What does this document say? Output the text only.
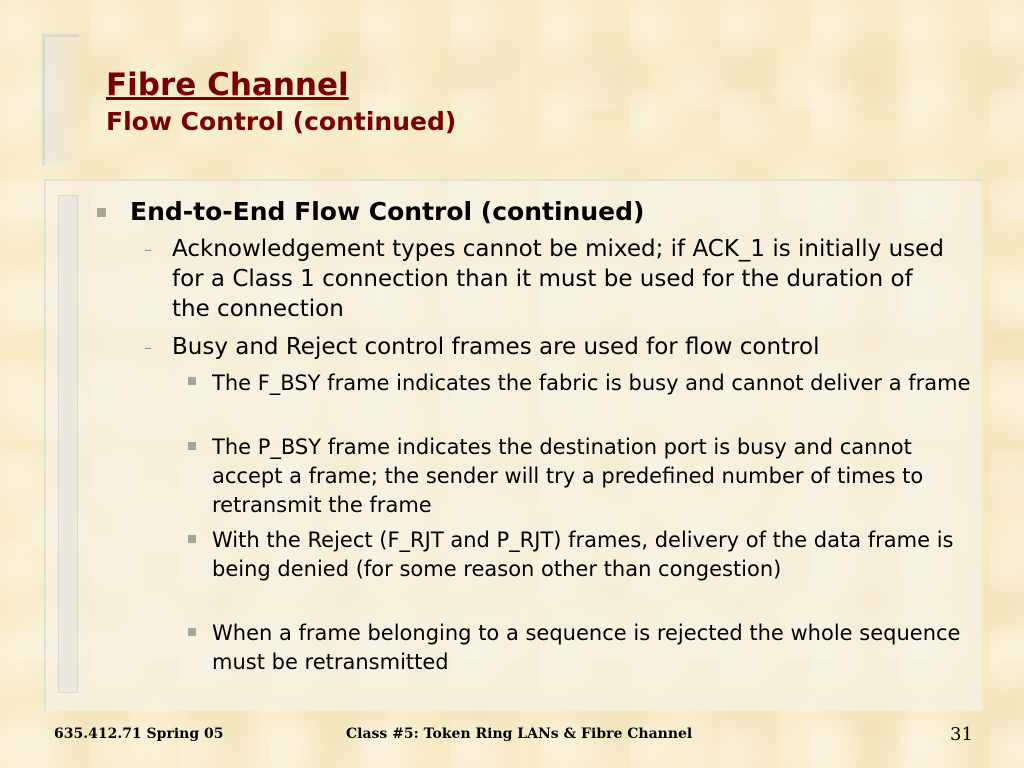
Fibre Channel
Flow Control (continued)
End-to-End Flow Control (continued)
– Acknowledgement types cannot be mixed; if ACK_1 is initially used for a Class 1 connection than it must be used for the duration of the connection
– Busy and Reject control frames are used for flow control
The F_BSY frame indicates the fabric is busy and cannot deliver a frame
The P_BSY frame indicates the destination port is busy and cannot accept a frame; the sender will try a predefined number of times to retransmit the frame
With the Reject (F_RJT and P_RJT) frames, delivery of the data frame is being denied (for some reason other than congestion)
When a frame belonging to a sequence is rejected the whole sequence must be retransmitted
635.412.71 Spring 05	Class #5: Token Ring LANs & Fibre Channel	31
